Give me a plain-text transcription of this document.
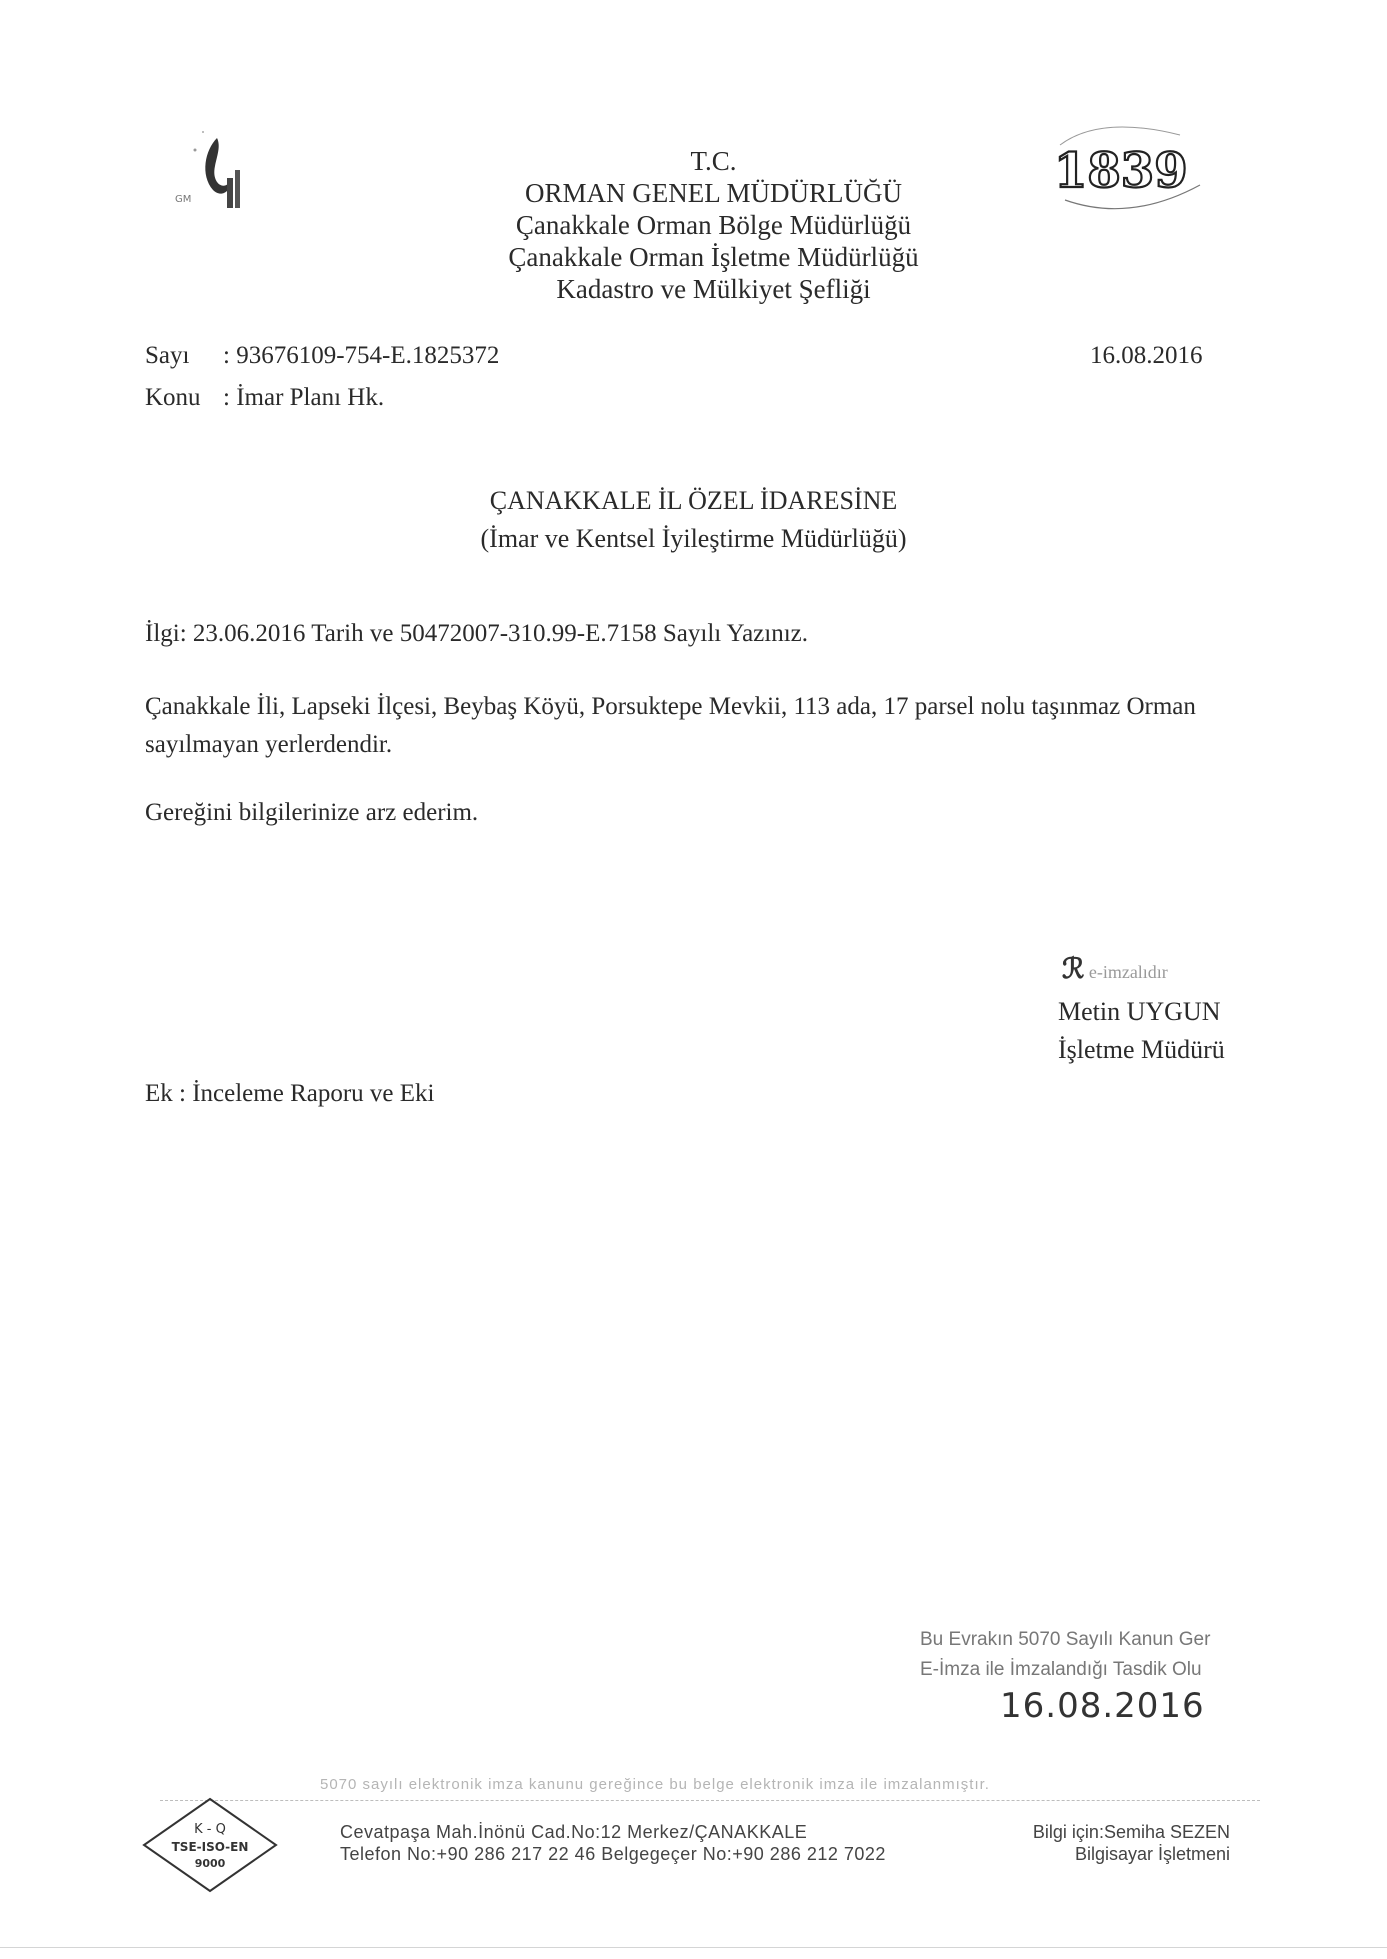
GM
T.C.
ORMAN GENEL MÜDÜRLÜĞÜ
Çanakkale Orman Bölge Müdürlüğü
Çanakkale Orman İşletme Müdürlüğü
Kadastro ve Mülkiyet Şefliği
1839
Sayı : 93676109-754-E.1825372
Konu : İmar Planı Hk.
16.08.2016
ÇANAKKALE İL ÖZEL İDARESİNE
(İmar ve Kentsel İyileştirme Müdürlüğü)
İlgi: 23.06.2016 Tarih ve 50472007-310.99-E.7158 Sayılı Yazınız.
Çanakkale İli, Lapseki İlçesi, Beybaş Köyü, Porsuktepe Mevkii, 113 ada, 17 parsel nolu taşınmaz Orman sayılmayan yerlerdendir.
Gereğini bilgilerinize arz ederim.
ℛ e-imzalıdır
Metin UYGUN
İşletme Müdürü
Ek : İnceleme Raporu ve Eki
Bu Evrakın 5070 Sayılı Kanun Ger
E-İmza ile İmzalandığı Tasdik Olu
16.08.2016
5070 sayılı elektronik imza kanunu gereğince bu belge elektronik imza ile imzalanmıştır.
K - Q
TSE-ISO-EN
9000
Cevatpaşa Mah.İnönü Cad.No:12 Merkez/ÇANAKKALE
Telefon No:+90 286 217 22 46 Belgegeçer No:+90 286 212 7022
Bilgi için:Semiha SEZEN
Bilgisayar İşletmeni
